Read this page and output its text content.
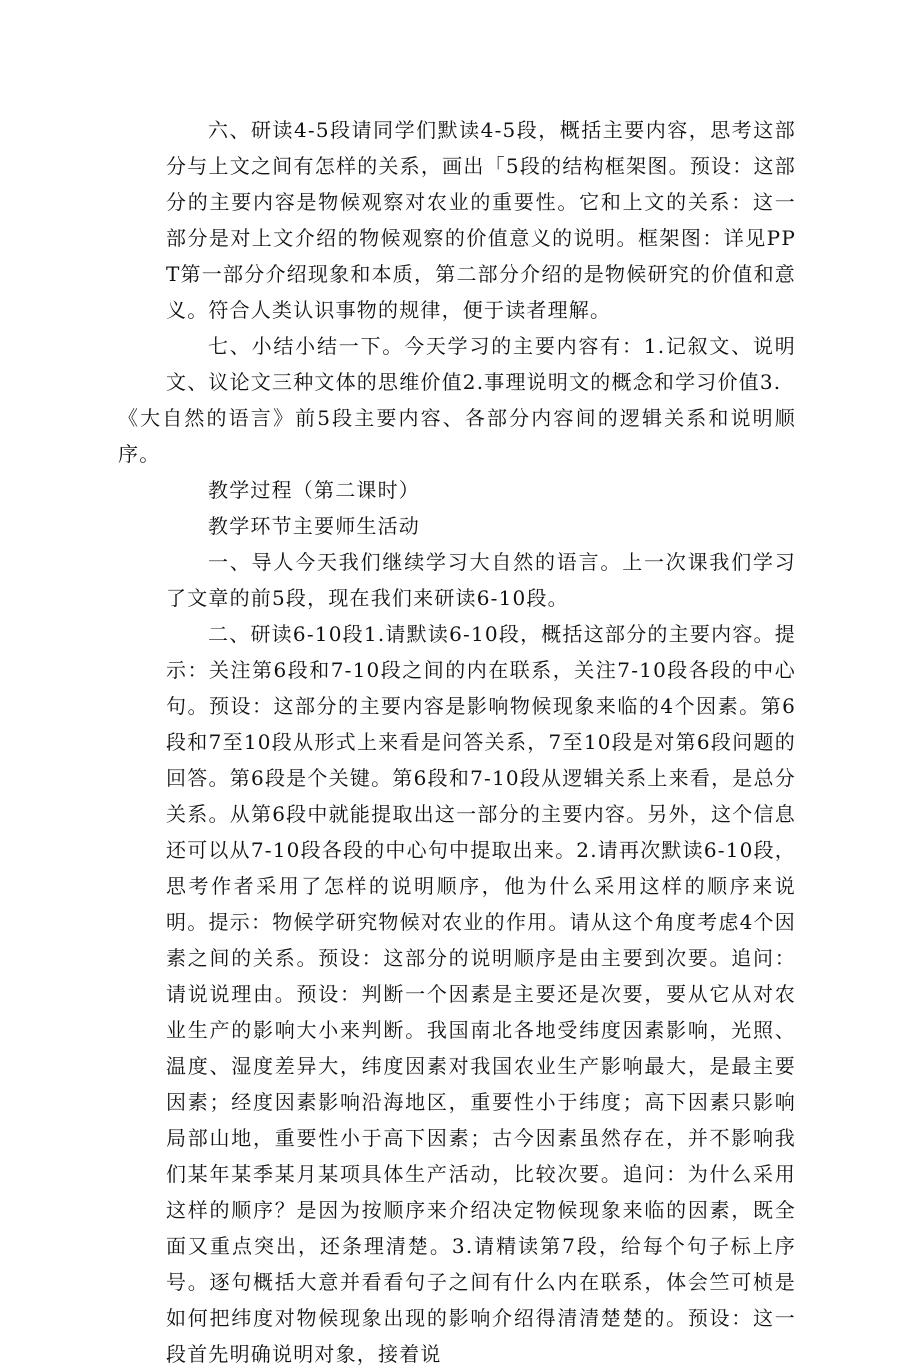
六、研读4-5段请同学们默读4-5段，概括主要内容，思考这部分与上文之间有怎样的关系，画出「5段的结构框架图。预设：这部分的主要内容是物候观察对农业的重要性。它和上文的关系：这一部分是对上文介绍的物候观察的价值意义的说明。框架图：详见PPT第一部分介绍现象和本质，第二部分介绍的是物候研究的价值和意义。符合人类认识事物的规律，便于读者理解。

七、小结小结一下。今天学习的主要内容有：1.记叙文、说明文、议论文三种文体的思维价值2.事理说明文的概念和学习价值3.

《大自然的语言》前5段主要内容、各部分内容间的逻辑关系和说明顺序。

教学过程（第二课时）

教学环节主要师生活动

一、导人今天我们继续学习大自然的语言。上一次课我们学习了文章的前5段，现在我们来研读6-10段。

二、研读6-10段1.请默读6-10段，概括这部分的主要内容。提示：关注第6段和7-10段之间的内在联系，关注7-10段各段的中心句。预设：这部分的主要内容是影响物候现象来临的4个因素。第6段和7至10段从形式上来看是问答关系，7至10段是对第6段问题的回答。第6段是个关键。第6段和7-10段从逻辑关系上来看，是总分关系。从第6段中就能提取出这一部分的主要内容。另外，这个信息还可以从7-10段各段的中心句中提取出来。2.请再次默读6-10段，思考作者采用了怎样的说明顺序，他为什么采用这样的顺序来说明。提示：物候学研究物候对农业的作用。请从这个角度考虑4个因素之间的关系。预设：这部分的说明顺序是由主要到次要。追问：请说说理由。预设：判断一个因素是主要还是次要，要从它从对农业生产的影响大小来判断。我国南北各地受纬度因素影响，光照、温度、湿度差异大，纬度因素对我国农业生产影响最大，是最主要因素；经度因素影响沿海地区，重要性小于纬度；高下因素只影响局部山地，重要性小于高下因素；古今因素虽然存在，并不影响我们某年某季某月某项具体生产活动，比较次要。追问：为什么采用这样的顺序？是因为按顺序来介绍决定物候现象来临的因素，既全面又重点突出，还条理清楚。3.请精读第7段，给每个句子标上序号。逐句概括大意并看看句子之间有什么内在联系，体会竺可桢是如何把纬度对物候现象出现的影响介绍得清清楚楚的。预设：这一段首先明确说明对象，接着说
